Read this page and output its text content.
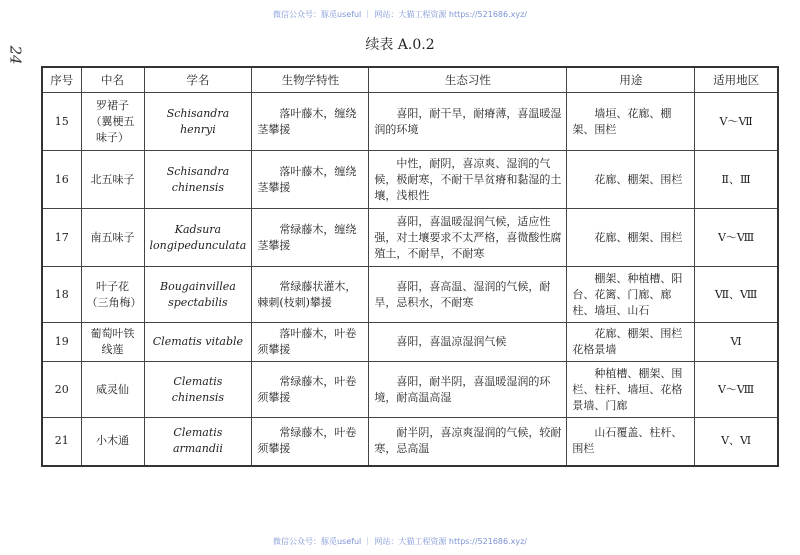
微信公众号：豚觅useful ｜ 网站：大猫工程资源 https://521686.xyz/
24
续表 A.0.2
序号	中名	学名	生物学特性	生态习性	用途	适用地区
15	罗裙子（翼梗五味子）	Schisandra henryi	落叶藤木，缠绕茎攀援	喜阳，耐干旱，耐瘠薄，喜温暖湿润的环境	墙垣、花廊、棚架、围栏	Ⅴ～Ⅶ
16	北五味子	Schisandra chinensis	落叶藤木，缠绕茎攀援	中性，耐阴，喜凉爽、湿润的气候，极耐寒，不耐干旱贫瘠和黏湿的土壤，浅根性	花廊、棚架、围栏	Ⅱ、Ⅲ
17	南五味子	Kadsura longipedunculata	常绿藤木，缠绕茎攀援	喜阳，喜温暖湿润气候，适应性强，对土壤要求不太严格，喜微酸性腐殖土，不耐旱，不耐寒	花廊、棚架、围栏	Ⅴ～Ⅷ
18	叶子花（三角梅）	Bougainvillea spectabilis	常绿藤状灌木，棘刺(枝刺)攀援	喜阳，喜高温、湿润的气候，耐旱，忌积水，不耐寒	棚架、种植槽、阳台、花篱、门廊、廊柱、墙垣、山石	Ⅶ、Ⅷ
19	葡萄叶铁线莲	Clematis vitable	落叶藤木，叶卷须攀援	喜阳，喜温凉湿润气候	花廊、棚架、围栏花格景墙	Ⅵ
20	威灵仙	Clematis chinensis	常绿藤木，叶卷须攀援	喜阳，耐半阴，喜温暖湿润的环境，耐高温高湿	种植槽、棚架、围栏、柱杆、墙垣、花格景墙、门廊	Ⅴ～Ⅷ
21	小木通	Clematis armandii	常绿藤木，叶卷须攀援	耐半阴，喜凉爽湿润的气候，较耐寒，忌高温	山石覆盖、柱杆、围栏	Ⅴ、Ⅵ
微信公众号：豚觅useful ｜ 网站：大猫工程资源 https://521686.xyz/
